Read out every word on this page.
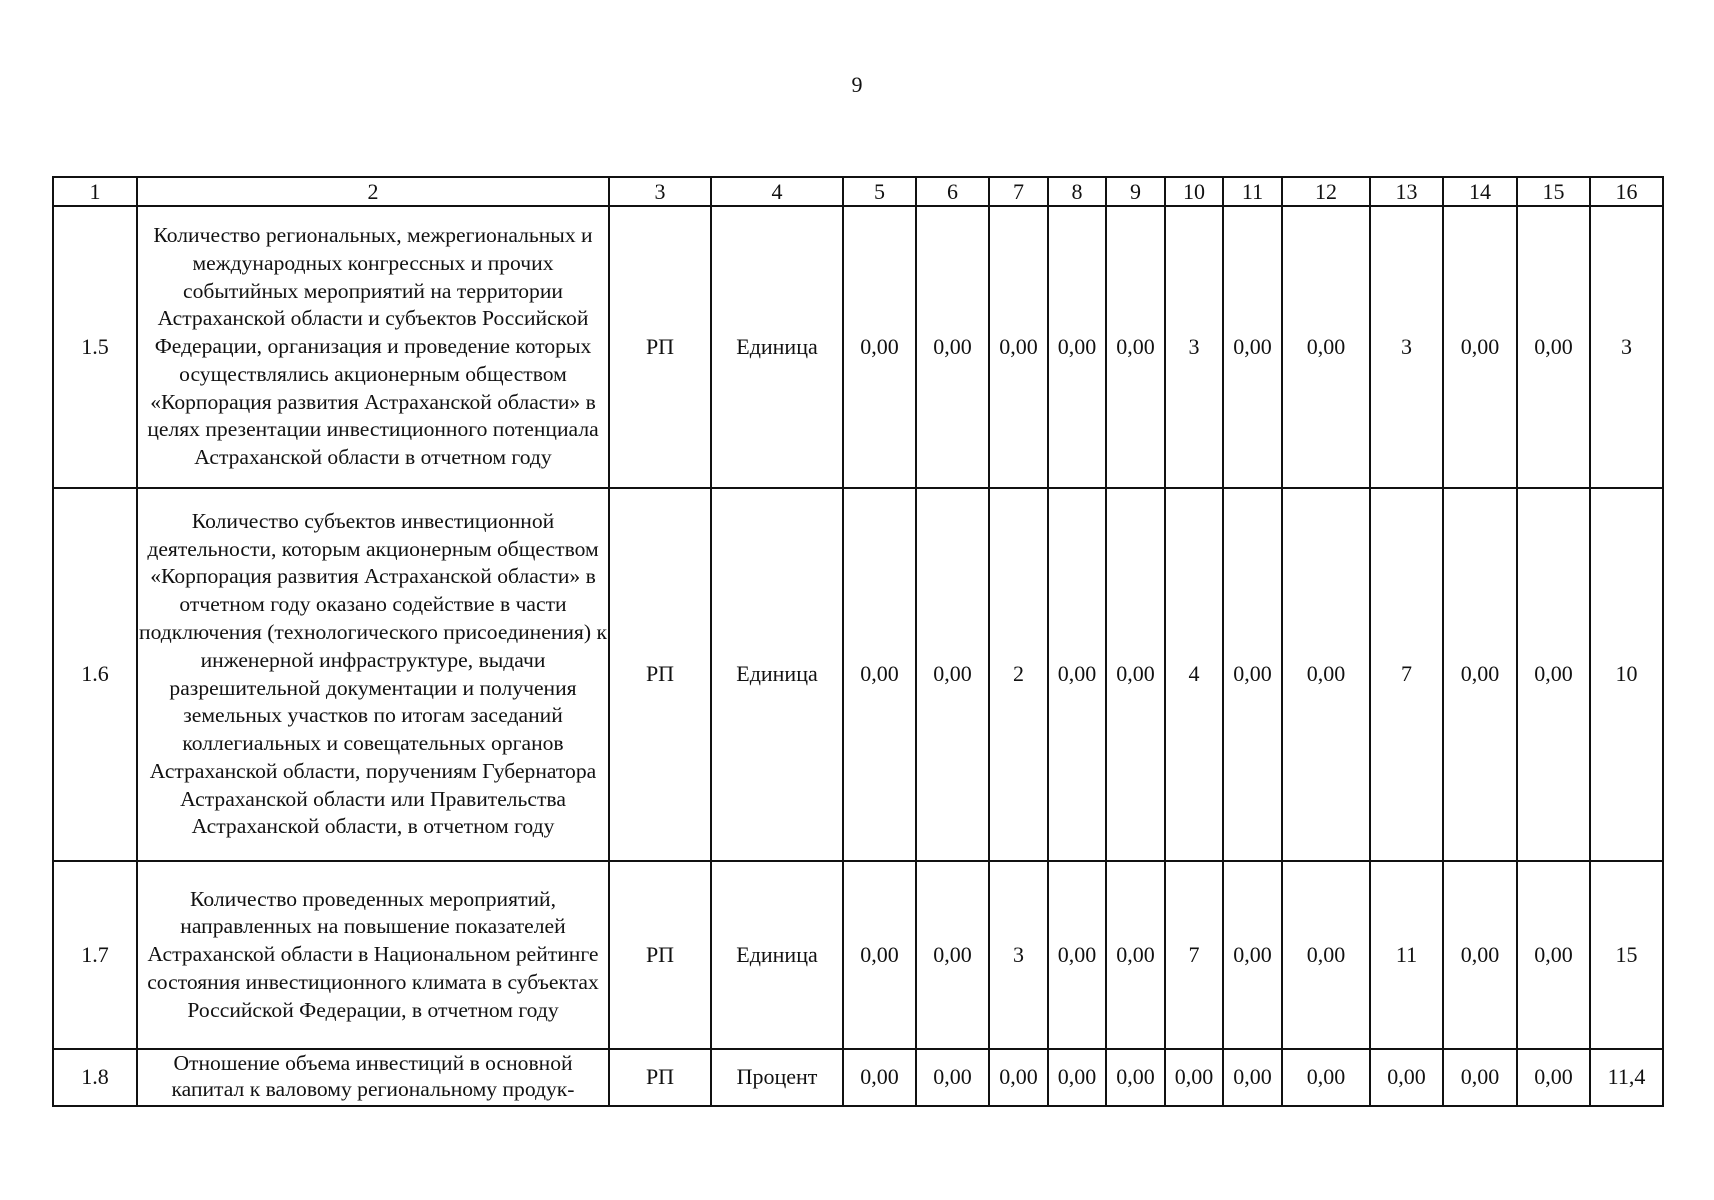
9
1	2	3	4	5	6	7	8	9	10	11	12	13	14	15	16
1.5	Количество региональных, межрегиональных и международных конгрессных и прочих событийных мероприятий на территории Астраханской области и субъектов Российской Федерации, организация и проведение которых осуществлялись акционерным обществом «Корпорация развития Астраханской области» в целях презентации инвестиционного потенциала Астраханской области в отчетном году	РП	Единица	0,00	0,00	0,00	0,00	0,00	3	0,00	0,00	3	0,00	0,00	3
1.6	Количество субъектов инвестиционной деятельности, которым акционерным обществом «Корпорация развития Астраханской области» в отчетном году оказано содействие в части подключения (технологического присоединения) к инженерной инфраструктуре, выдачи разрешительной документации и получения земельных участков по итогам заседаний коллегиальных и совещательных органов Астраханской области, поручениям Губернатора Астраханской области или Правительства Астраханской области, в отчетном году	РП	Единица	0,00	0,00	2	0,00	0,00	4	0,00	0,00	7	0,00	0,00	10
1.7	Количество проведенных мероприятий, направленных на повышение показателей Астраханской области в Национальном рейтинге состояния инвестиционного климата в субъектах Российской Федерации, в отчетном году	РП	Единица	0,00	0,00	3	0,00	0,00	7	0,00	0,00	11	0,00	0,00	15
1.8	Отношение объема инвестиций в основной капитал к валовому региональному продук-	РП	Процент	0,00	0,00	0,00	0,00	0,00	0,00	0,00	0,00	0,00	0,00	0,00	11,4
